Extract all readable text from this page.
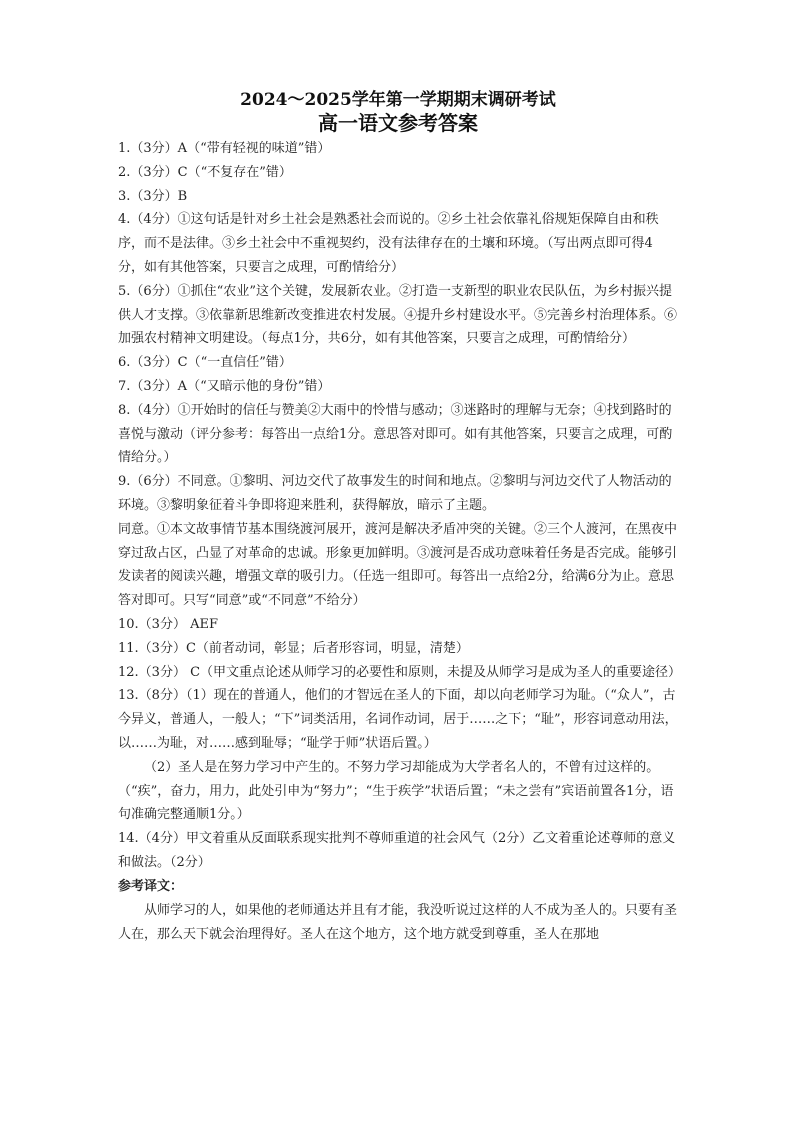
2024～2025学年第一学期期末调研考试
高一语文参考答案

1.（3分）A（“带有轻视的味道”错）

2.（3分）C（“不复存在”错）

3.（3分）B

4.（4分）①这句话是针对乡土社会是熟悉社会而说的。②乡土社会依靠礼俗规矩保障自由和秩序，而不是法律。③乡土社会中不重视契约，没有法律存在的土壤和环境。（写出两点即可得4分，如有其他答案，只要言之成理，可酌情给分）

5.（6分）①抓住“农业”这个关键，发展新农业。②打造一支新型的职业农民队伍，为乡村振兴提供人才支撑。③依靠新思维新改变推进农村发展。④提升乡村建设水平。⑤完善乡村治理体系。⑥加强农村精神文明建设。（每点1分，共6分，如有其他答案，只要言之成理，可酌情给分）

6.（3分）C（“一直信任”错）

7.（3分）A（“又暗示他的身份”错）

8.（4分）①开始时的信任与赞美②大雨中的怜惜与感动；③迷路时的理解与无奈；④找到路时的喜悦与激动（评分参考：每答出一点给1分。意思答对即可。如有其他答案，只要言之成理，可酌情给分。）

9.（6分）不同意。①黎明、河边交代了故事发生的时间和地点。②黎明与河边交代了人物活动的环境。③黎明象征着斗争即将迎来胜利，获得解放，暗示了主题。

同意。①本文故事情节基本围绕渡河展开，渡河是解决矛盾冲突的关键。②三个人渡河，在黑夜中穿过敌占区，凸显了对革命的忠诚。形象更加鲜明。③渡河是否成功意味着任务是否完成。能够引发读者的阅读兴趣，增强文章的吸引力。（任选一组即可。每答出一点给2分，给满6分为止。意思答对即可。只写“同意”或“不同意”不给分）

10.（3分） AEF

11.（3分）C（前者动词，彰显；后者形容词，明显，清楚）

12.（3分） C（甲文重点论述从师学习的必要性和原则，未提及从师学习是成为圣人的重要途径）

13.（8分）（1）现在的普通人，他们的才智远在圣人的下面，却以向老师学习为耻。（“众人”，古今异义，普通人，一般人；“下”词类活用，名词作动词，居于……之下；“耻”，形容词意动用法，以……为耻，对……感到耻辱；“耻学于师”状语后置。）

（2）圣人是在努力学习中产生的。不努力学习却能成为大学者名人的，不曾有过这样的。（“疾”，奋力，用力，此处引申为“努力”；“生于疾学”状语后置；“未之尝有”宾语前置各1分，语句准确完整通顺1分。）

14.（4分）甲文着重从反面联系现实批判不尊师重道的社会风气（2分）乙文着重论述尊师的意义和做法。（2分）

参考译文：

从师学习的人，如果他的老师通达并且有才能，我没听说过这样的人不成为圣人的。只要有圣人在，那么天下就会治理得好。圣人在这个地方，这个地方就受到尊重，圣人在那地
